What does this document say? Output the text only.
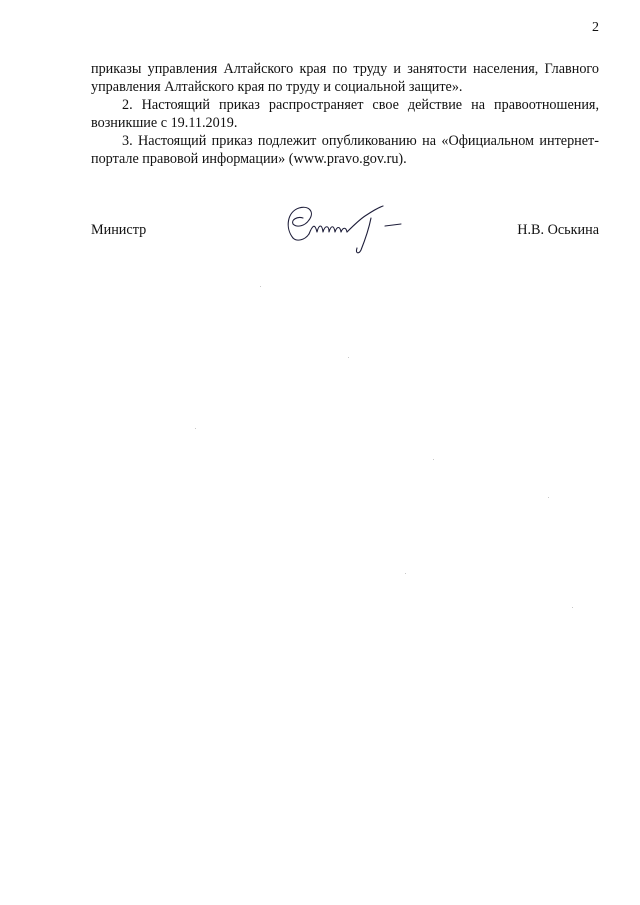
2

приказы управления Алтайского края по труду и занятости населения, Главного управления Алтайского края по труду и социальной защите».

2. Настоящий приказ распространяет свое действие на правоотношения, возникшие с 19.11.2019.

3. Настоящий приказ подлежит опубликованию на «Официальном интернет-портале правовой информации» (www.pravo.gov.ru).

Министр	Н.В. Оськина
